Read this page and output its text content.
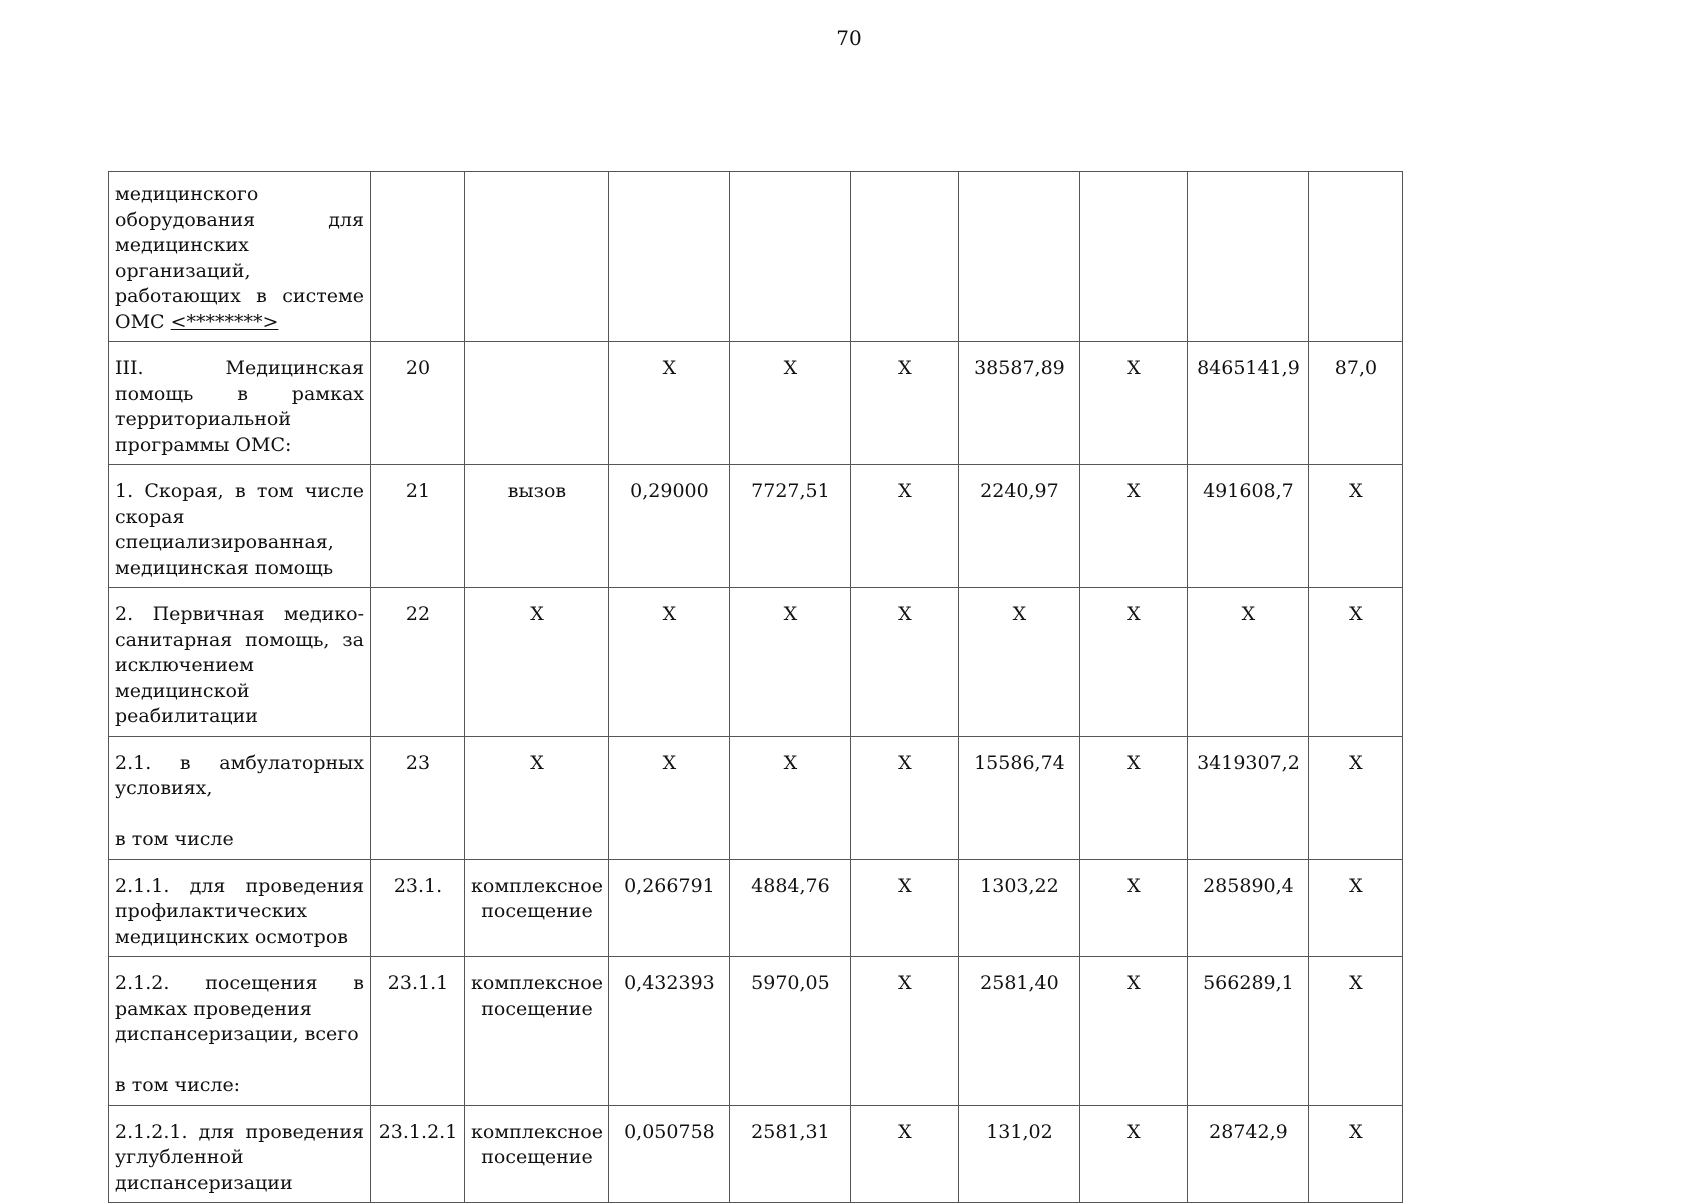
70
медицинского оборудования для медицинских организаций, работающих в системе ОМС <********>									
III. Медицинская помощь в рамках территориальной программы ОМС:	20		X	X	X	38587,89	X	8465141,9	87,0
1. Скорая, в том числе скорая
специализированная, медицинская помощь	21	вызов	0,29000	7727,51	X	2240,97	X	491608,7	X
2. Первичная медико-санитарная помощь, за исключением медицинской реабилитации	22	X	X	X	X	X	X	X	X
2.1. в амбулаторных условиях,

в том числе	23	X	X	X	X	15586,74	X	3419307,2	X
2.1.1. для проведения профилактических
медицинских осмотров	23.1.	комплексное посещение	0,266791	4884,76	X	1303,22	X	285890,4	X
2.1.2. посещения в рамках проведения
диспансеризации, всего

в том числе:	23.1.1	комплексное посещение	0,432393	5970,05	X	2581,40	X	566289,1	X
2.1.2.1. для проведения углубленной
диспансеризации	23.1.2.1	комплексное посещение	0,050758	2581,31	X	131,02	X	28742,9	X
